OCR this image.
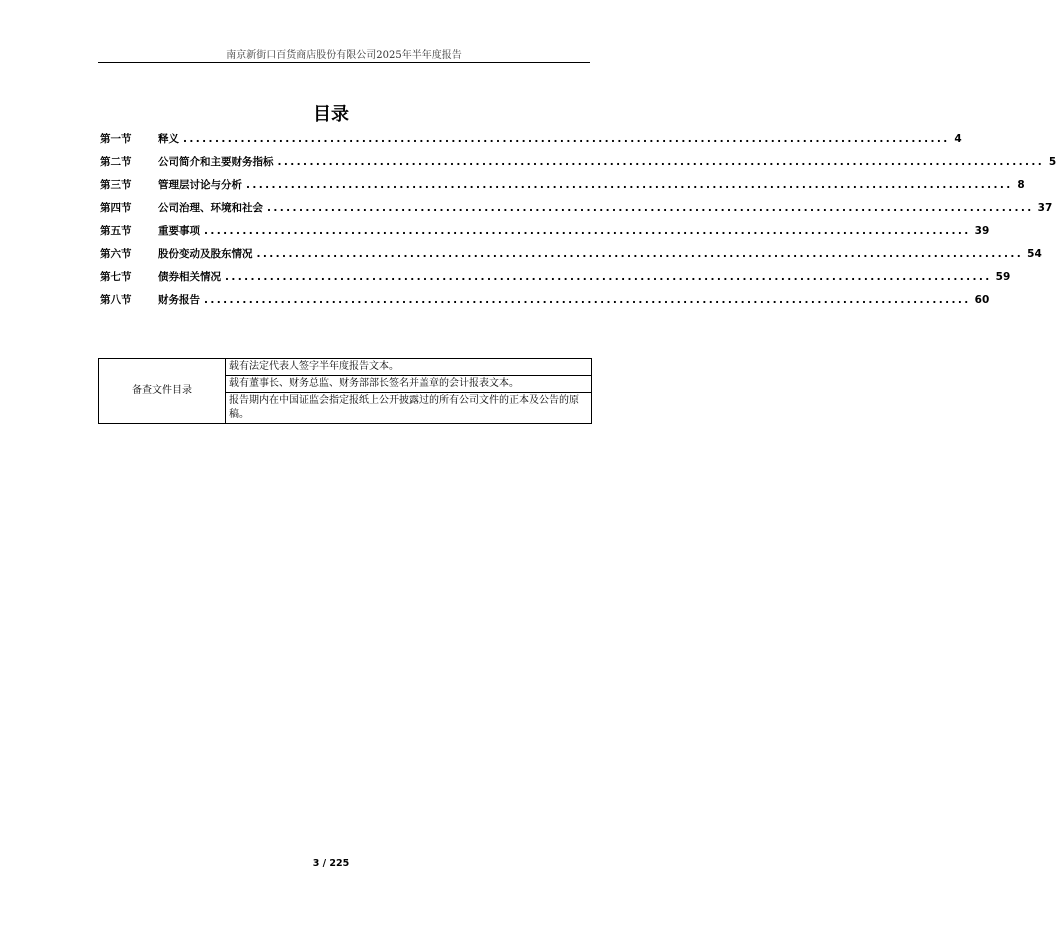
南京新街口百货商店股份有限公司2025年半年度报告
目录
第一节	释义 ........................................................................................................................ 4
第二节	公司简介和主要财务指标 ........................................................................................................................ 5
第三节	管理层讨论与分析 ........................................................................................................................ 8
第四节	公司治理、环境和社会 ........................................................................................................................ 37
第五节	重要事项 ........................................................................................................................ 39
第六节	股份变动及股东情况 ........................................................................................................................ 54
第七节	债券相关情况 ........................................................................................................................ 59
第八节	财务报告 ........................................................................................................................ 60
备查文件目录	载有法定代表人签字半年度报告文本。
载有董事长、财务总监、财务部部长签名并盖章的会计报表文本。
报告期内在中国证监会指定报纸上公开披露过的所有公司文件的正本及公告的原稿。
3 / 225
